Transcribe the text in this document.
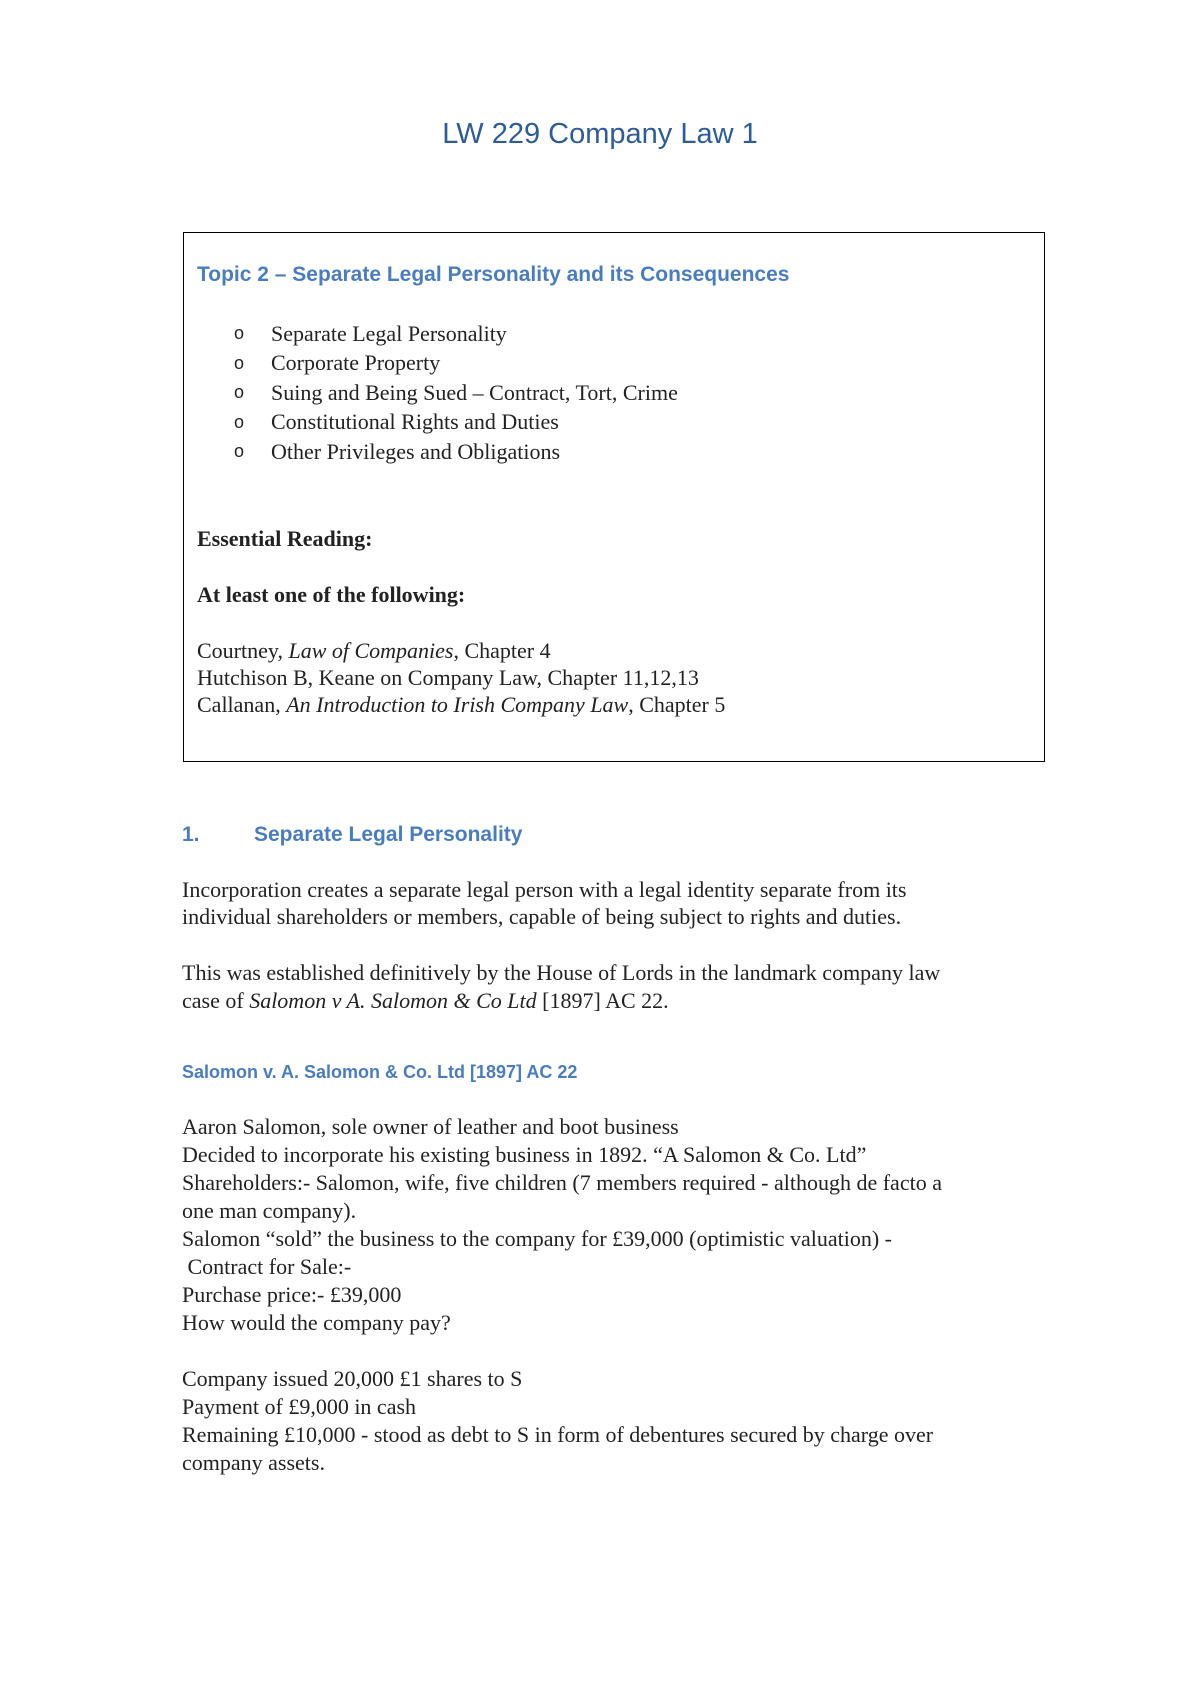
LW 229 Company Law 1
Topic 2 – Separate Legal Personality and its Consequences
o	Separate Legal Personality
o	Corporate Property
o	Suing and Being Sued – Contract, Tort, Crime
o	Constitutional Rights and Duties
o	Other Privileges and Obligations
Essential Reading:
At least one of the following:
Courtney, Law of Companies, Chapter 4
Hutchison B, Keane on Company Law, Chapter 11,12,13
Callanan, An Introduction to Irish Company Law, Chapter 5
1.	Separate Legal Personality
Incorporation creates a separate legal person with a legal identity separate from its
individual shareholders or members, capable of being subject to rights and duties.
This was established definitively by the House of Lords in the landmark company law
case of Salomon v A. Salomon & Co Ltd [1897] AC 22.
Salomon v. A. Salomon & Co. Ltd [1897] AC 22
Aaron Salomon, sole owner of leather and boot business
Decided to incorporate his existing business in 1892. “A Salomon & Co. Ltd”
Shareholders:- Salomon, wife, five children (7 members required - although de facto a
one man company).
Salomon “sold” the business to the company for £39,000 (optimistic valuation) -
Contract for Sale:-
Purchase price:- £39,000
How would the company pay?
Company issued 20,000 £1 shares to S
Payment of £9,000 in cash
Remaining £10,000 - stood as debt to S in form of debentures secured by charge over
company assets.
